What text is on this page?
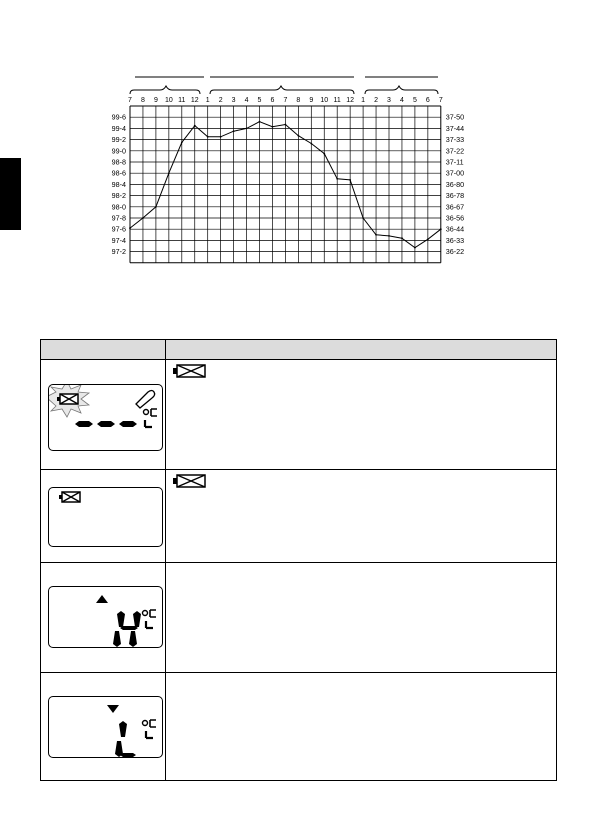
7 8 9 10 11 12 1 2 3 4 5 6 7 8 9 10 11 12 1 2 3 4 5 6 7
99-6
99-4
99-2
99-0
98-8
98-6
98-4
98-2
98-0
97-8
97-6
97-4
97-2
37-50
37-44
37-33
37-22
37-11
37-00
36-80
36-78
36-67
36-56
36-44
36-33
36-22
